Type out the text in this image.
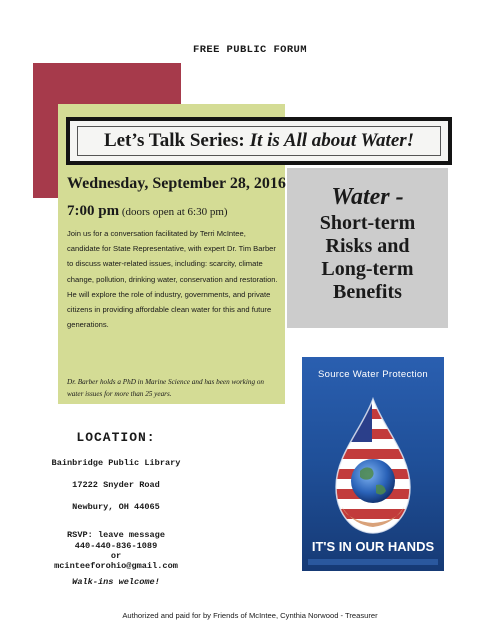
FREE PUBLIC FORUM
Let’s Talk Series: It is All about Water!
Wednesday, September 28, 2016
7:00 pm (doors open at 6:30 pm)
Join us for a conversation facilitated by Terri McIntee, candidate for State Representative, with expert Dr. Tim Barber to discuss water-related issues, including: scarcity, climate change, pollution, drinking water, conservation and restoration. He will explore the role of industry, governments, and private citizens in providing affordable clean water for this and future generations.
Dr. Barber holds a PhD in Marine Science and has been working on water issues for more than 25 years.
Water -
Short-term
Risks and
Long-term
Benefits
Source Water Protection
IT'S IN OUR HANDS
LOCATION:
Bainbridge Public Library
17222 Snyder Road
Newbury, OH 44065
RSVP: leave message
440-440-836-1089
or
mcinteeforohio@gmail.com
Walk-ins welcome!
Authorized and paid for by Friends of McIntee, Cynthia Norwood - Treasurer
